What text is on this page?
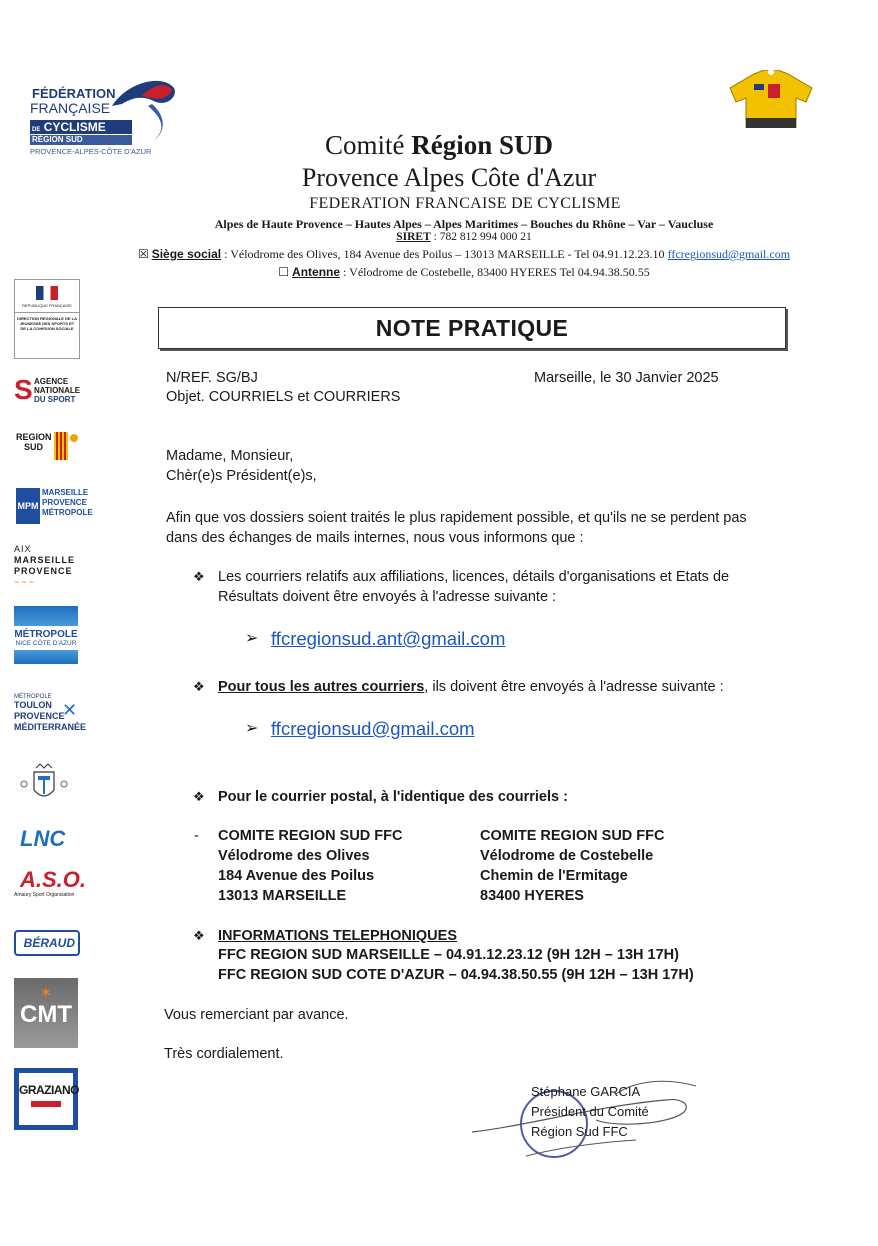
FÉDÉRATION
FRANÇAISE
DE CYCLISME
RÉGION SUD
PROVENCE-ALPES-CÔTE D'AZUR	Comité Région SUD
Provence Alpes Côte d'Azur
FEDERATION FRANCAISE DE CYCLISME
Alpes de Haute Provence – Hautes Alpes – Alpes Maritimes – Bouches du Rhône – Var – Vaucluse
SIRET : 782 812 994 000 21
☒ Siège social : Vélodrome des Olives, 184 Avenue des Poilus – 13013 MARSEILLE - Tel 04.91.12.23.10 ffcregionsud@gmail.com
☐ Antenne : Vélodrome de Costebelle, 83400 HYERES Tel 04.94.38.50.55
RÉPUBLIQUE FRANÇAISE
DIRECTION REGIONALE DE LA JEUNESSE DES SPORTS ET DE LA COHESION SOCIALE
S AGENCE
NATIONALE
DU SPORT
REGION
SUD
MPM
MARSEILLE
PROVENCE
MÉTROPOLE
AIX
MARSEILLE
PROVENCE
~~~
MÉTROPOLE
NICE CÔTE D'AZUR
MÉTROPOLE
TOULON
PROVENCE
MÉDITERRANÉE
✕
LNC
A.S.O.
Amaury Sport Organisation
BÉRAUD
✶
CMT
GRAZIANO
NOTE PRATIQUE
N/REF. SG/BJ
Objet. COURRIELS et COURRIERS
Marseille, le 30 Janvier 2025
Madame, Monsieur,
Chèr(e)s Président(e)s,
Afin que vos dossiers soient traités le plus rapidement possible, et qu'ils ne se perdent pas
dans des échanges de mails internes, nous vous informons que :
❖ Les courriers relatifs aux affiliations, licences, détails d'organisations et Etats de
Résultats doivent être envoyés à l'adresse suivante :
➢ ffcregionsud.ant@gmail.com
❖ Pour tous les autres courriers, ils doivent être envoyés à l'adresse suivante :
➢ ffcregionsud@gmail.com
❖ Pour le courrier postal, à l'identique des courriels :
- COMITE REGION SUD FFC
Vélodrome des Olives
184 Avenue des Poilus
13013 MARSEILLE
COMITE REGION SUD FFC
Vélodrome de Costebelle
Chemin de l'Ermitage
83400 HYERES
❖ INFORMATIONS TELEPHONIQUES
FFC REGION SUD MARSEILLE – 04.91.12.23.12 (9H 12H – 13H 17H)
FFC REGION SUD COTE D'AZUR – 04.94.38.50.55 (9H 12H – 13H 17H)
Vous remerciant par avance.
Très cordialement.
Stéphane GARCIA
Président du Comité
Région Sud FFC
